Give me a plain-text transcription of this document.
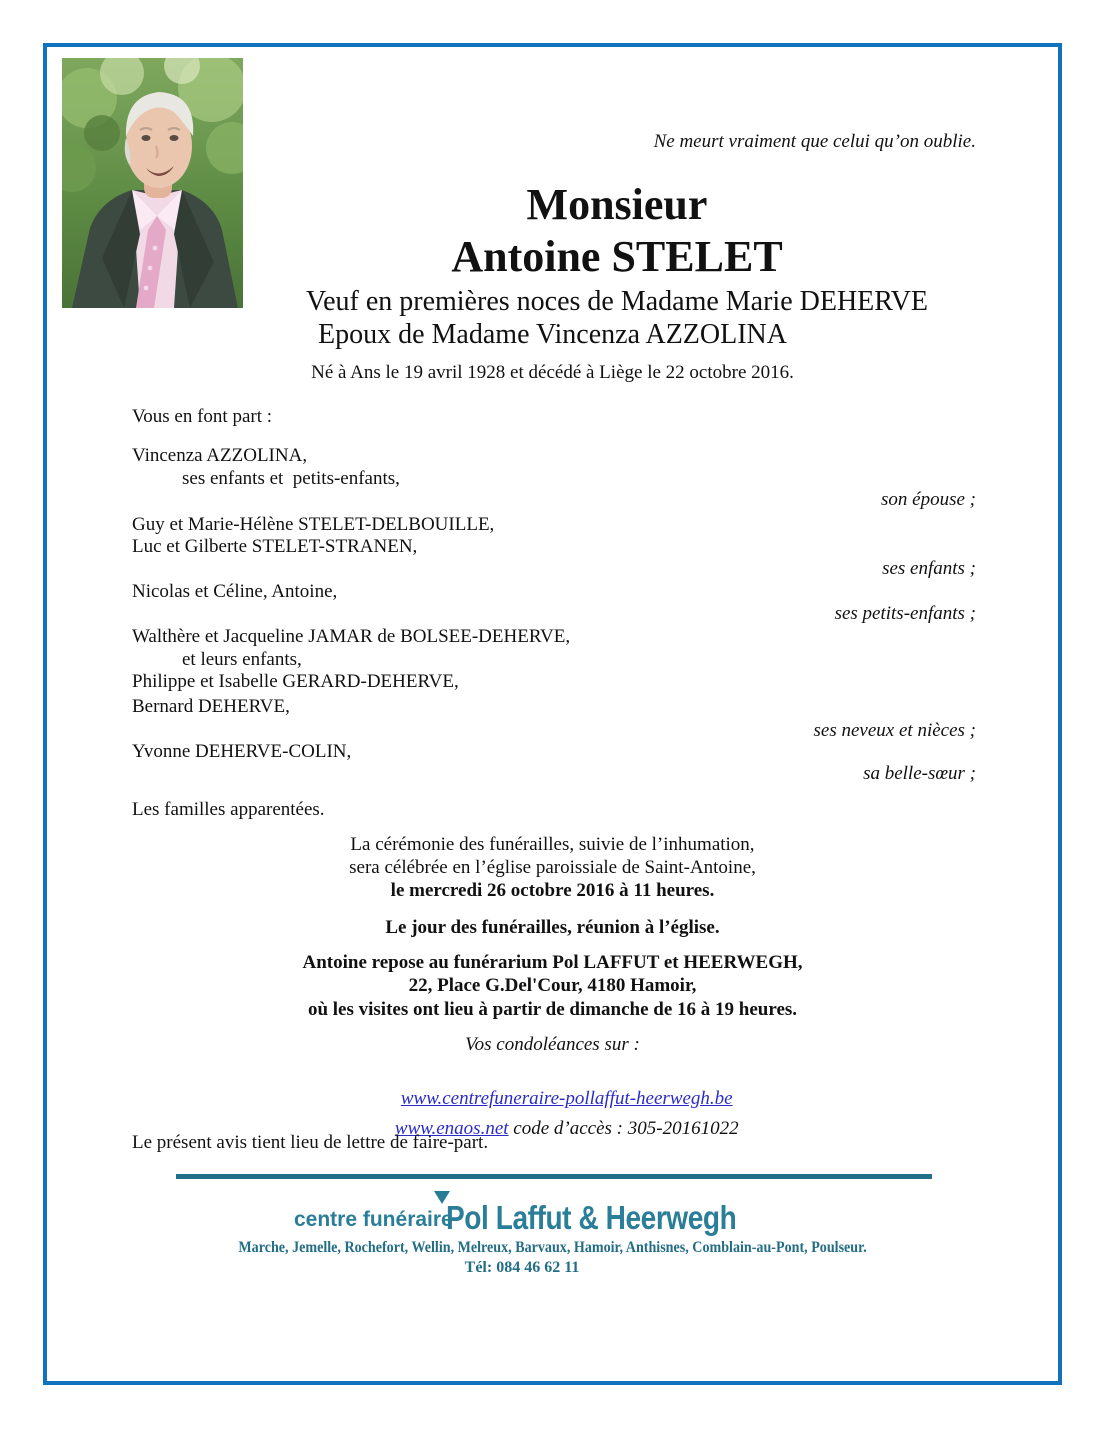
Ne meurt vraiment que celui qu’on oublie.
Monsieur
Antoine STELET
Veuf en premières noces de Madame Marie DEHERVE
Epoux de Madame Vincenza AZZOLINA
Né à Ans le 19 avril 1928 et décédé à Liège le 22 octobre 2016.
Vous en font part :
Vincenza AZZOLINA,
ses enfants et  petits-enfants,
son épouse ;
Guy et Marie-Hélène STELET-DELBOUILLE,
Luc et Gilberte STELET-STRANEN,
ses enfants ;
Nicolas et Céline, Antoine,
ses petits-enfants ;
Walthère et Jacqueline JAMAR de BOLSEE-DEHERVE,
et leurs enfants,
Philippe et Isabelle GERARD-DEHERVE,
Bernard DEHERVE,
ses neveux et nièces ;
Yvonne DEHERVE-COLIN,
sa belle-sœur ;
Les familles apparentées.
La cérémonie des funérailles, suivie de l’inhumation,
sera célébrée en l’église paroissiale de Saint-Antoine,
le mercredi 26 octobre 2016 à 11 heures.
Le jour des funérailles, réunion à l’église.
Antoine repose au funérarium Pol LAFFUT et HEERWEGH,
22, Place G.Del'Cour, 4180 Hamoir,
où les visites ont lieu à partir de dimanche de 16 à 19 heures.
Vos condoléances sur :

www.centrefuneraire-pollaffut-heerwegh.be

www.enaos.net code d’accès : 305-20161022

Le présent avis tient lieu de lettre de faire-part.
centre funéraire
Pol Laffut & Heerwegh
Marche, Jemelle, Rochefort, Wellin, Melreux, Barvaux, Hamoir, Anthisnes, Comblain-au-Pont, Poulseur.
Tél: 084 46 62 11
